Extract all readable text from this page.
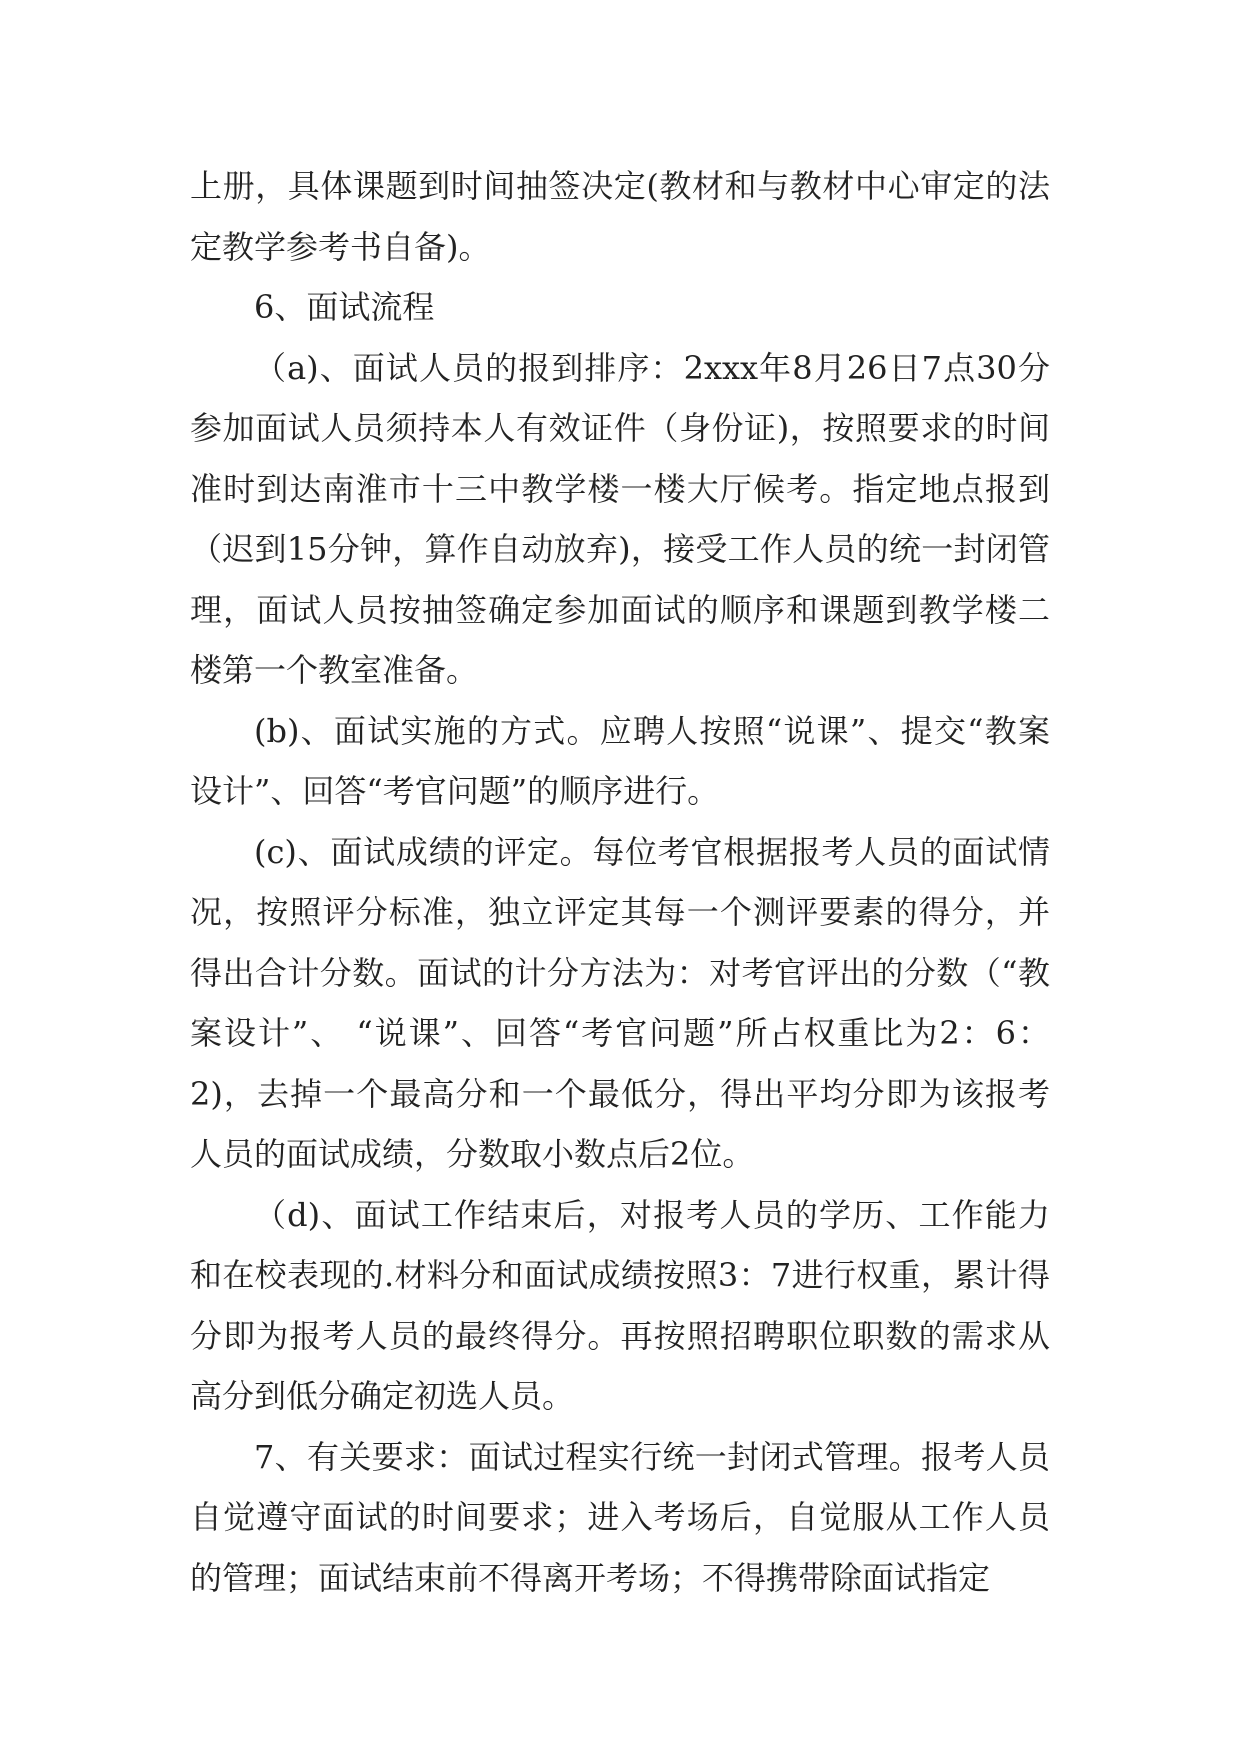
上册，具体课题到时间抽签决定(教材和与教材中心审定的法定教学参考书自备)。

6、面试流程

（a)、面试人员的报到排序：2xxx年8月26日7点30分参加面试人员须持本人有效证件（身份证)，按照要求的时间准时到达南淮市十三中教学楼一楼大厅候考。指定地点报到（迟到15分钟，算作自动放弃)，接受工作人员的统一封闭管理，面试人员按抽签确定参加面试的顺序和课题到教学楼二楼第一个教室准备。

(b)、面试实施的方式。应聘人按照“说课”、提交“教案设计”、回答“考官问题”的顺序进行。

(c)、面试成绩的评定。每位考官根据报考人员的面试情况，按照评分标准，独立评定其每一个测评要素的得分，并得出合计分数。面试的计分方法为：对考官评出的分数（“教案设计”、 “说课”、回答“考官问题”所占权重比为2：6：2)，去掉一个最高分和一个最低分，得出平均分即为该报考人员的面试成绩，分数取小数点后2位。

（d)、面试工作结束后，对报考人员的学历、工作能力和在校表现的.材料分和面试成绩按照3：7进行权重，累计得分即为报考人员的最终得分。再按照招聘职位职数的需求从高分到低分确定初选人员。

7、有关要求：面试过程实行统一封闭式管理。报考人员自觉遵守面试的时间要求；进入考场后，自觉服从工作人员的管理；面试结束前不得离开考场；不得携带除面试指定
